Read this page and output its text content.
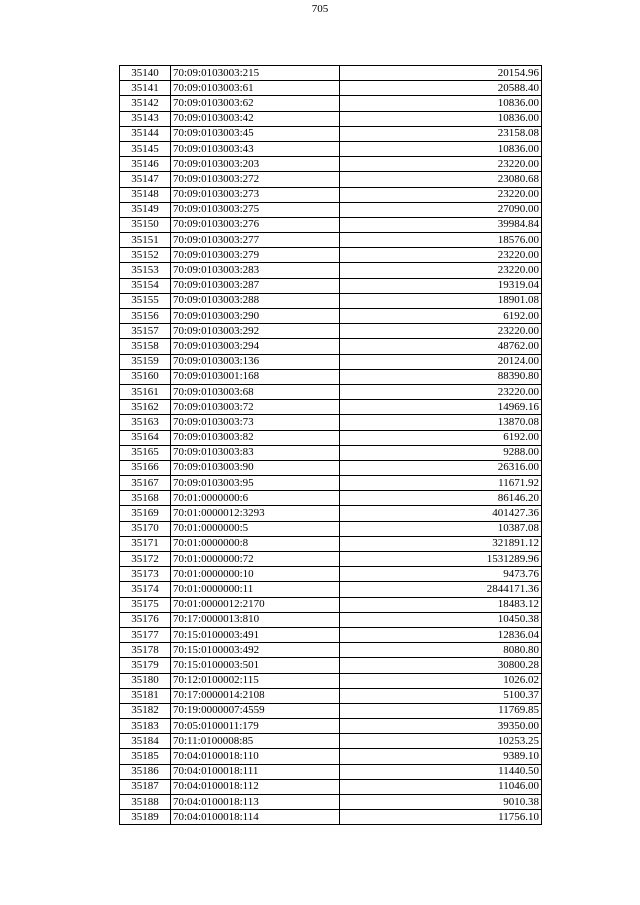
705
35140	70:09:0103003:215	20154.96
35141	70:09:0103003:61	20588.40
35142	70:09:0103003:62	10836.00
35143	70:09:0103003:42	10836.00
35144	70:09:0103003:45	23158.08
35145	70:09:0103003:43	10836.00
35146	70:09:0103003:203	23220.00
35147	70:09:0103003:272	23080.68
35148	70:09:0103003:273	23220.00
35149	70:09:0103003:275	27090.00
35150	70:09:0103003:276	39984.84
35151	70:09:0103003:277	18576.00
35152	70:09:0103003:279	23220.00
35153	70:09:0103003:283	23220.00
35154	70:09:0103003:287	19319.04
35155	70:09:0103003:288	18901.08
35156	70:09:0103003:290	6192.00
35157	70:09:0103003:292	23220.00
35158	70:09:0103003:294	48762.00
35159	70:09:0103003:136	20124.00
35160	70:09:0103001:168	88390.80
35161	70:09:0103003:68	23220.00
35162	70:09:0103003:72	14969.16
35163	70:09:0103003:73	13870.08
35164	70:09:0103003:82	6192.00
35165	70:09:0103003:83	9288.00
35166	70:09:0103003:90	26316.00
35167	70:09:0103003:95	11671.92
35168	70:01:0000000:6	86146.20
35169	70:01:0000012:3293	401427.36
35170	70:01:0000000:5	10387.08
35171	70:01:0000000:8	321891.12
35172	70:01:0000000:72	1531289.96
35173	70:01:0000000:10	9473.76
35174	70:01:0000000:11	2844171.36
35175	70:01:0000012:2170	18483.12
35176	70:17:0000013:810	10450.38
35177	70:15:0100003:491	12836.04
35178	70:15:0100003:492	8080.80
35179	70:15:0100003:501	30800.28
35180	70:12:0100002:115	1026.02
35181	70:17:0000014:2108	5100.37
35182	70:19:0000007:4559	11769.85
35183	70:05:0100011:179	39350.00
35184	70:11:0100008:85	10253.25
35185	70:04:0100018:110	9389.10
35186	70:04:0100018:111	11440.50
35187	70:04:0100018:112	11046.00
35188	70:04:0100018:113	9010.38
35189	70:04:0100018:114	11756.10
